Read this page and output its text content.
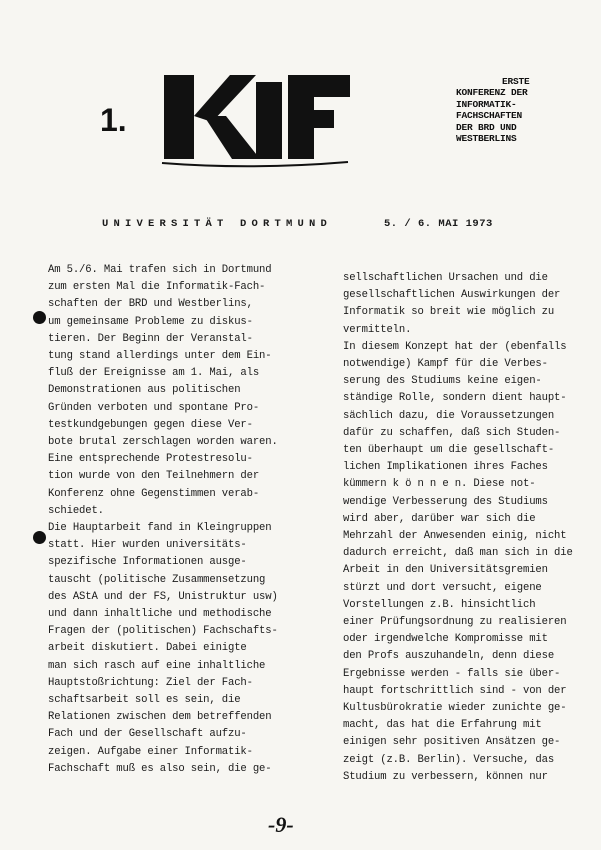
1.
ERSTE
KONFERENZ DER
INFORMATIK-
FACHSCHAFTEN
DER BRD UND
WESTBERLINS
UNIVERSITÄT DORTMUND	5. / 6. MAI 1973
Am 5./6. Mai trafen sich in Dortmund
zum ersten Mal die Informatik-Fach-
schaften der BRD und Westberlins,
um gemeinsame Probleme zu diskus-
tieren. Der Beginn der Veranstal-
tung stand allerdings unter dem Ein-
fluß der Ereignisse am 1. Mai, als
Demonstrationen aus politischen
Gründen verboten und spontane Pro-
testkundgebungen gegen diese Ver-
bote brutal zerschlagen worden waren.
Eine entsprechende Protestresolu-
tion wurde von den Teilnehmern der
Konferenz ohne Gegenstimmen verab-
schiedet.
Die Hauptarbeit fand in Kleingruppen
statt. Hier wurden universitäts-
spezifische Informationen ausge-
tauscht (politische Zusammensetzung
des AStA und der FS, Unistruktur usw)
und dann inhaltliche und methodische
Fragen der (politischen) Fachschafts-
arbeit diskutiert. Dabei einigte
man sich rasch auf eine inhaltliche
Hauptstoßrichtung: Ziel der Fach-
schaftsarbeit soll es sein, die
Relationen zwischen dem betreffenden
Fach und der Gesellschaft aufzu-
zeigen. Aufgabe einer Informatik-
Fachschaft muß es also sein, die ge-
sellschaftlichen Ursachen und die
gesellschaftlichen Auswirkungen der
Informatik so breit wie möglich zu
vermitteln.
In diesem Konzept hat der (ebenfalls
notwendige) Kampf für die Verbes-
serung des Studiums keine eigen-
ständige Rolle, sondern dient haupt-
sächlich dazu, die Voraussetzungen
dafür zu schaffen, daß sich Studen-
ten überhaupt um die gesellschaft-
lichen Implikationen ihres Faches
kümmern k ö n n e n. Diese not-
wendige Verbesserung des Studiums
wird aber, darüber war sich die
Mehrzahl der Anwesenden einig, nicht
dadurch erreicht, daß man sich in die
Arbeit in den Universitätsgremien
stürzt und dort versucht, eigene
Vorstellungen z.B. hinsichtlich
einer Prüfungsordnung zu realisieren
oder irgendwelche Kompromisse mit
den Profs auszuhandeln, denn diese
Ergebnisse werden - falls sie über-
haupt fortschrittlich sind - von der
Kultusbürokratie wieder zunichte ge-
macht, das hat die Erfahrung mit
einigen sehr positiven Ansätzen ge-
zeigt (z.B. Berlin). Versuche, das
Studium zu verbessern, können nur
-9-
